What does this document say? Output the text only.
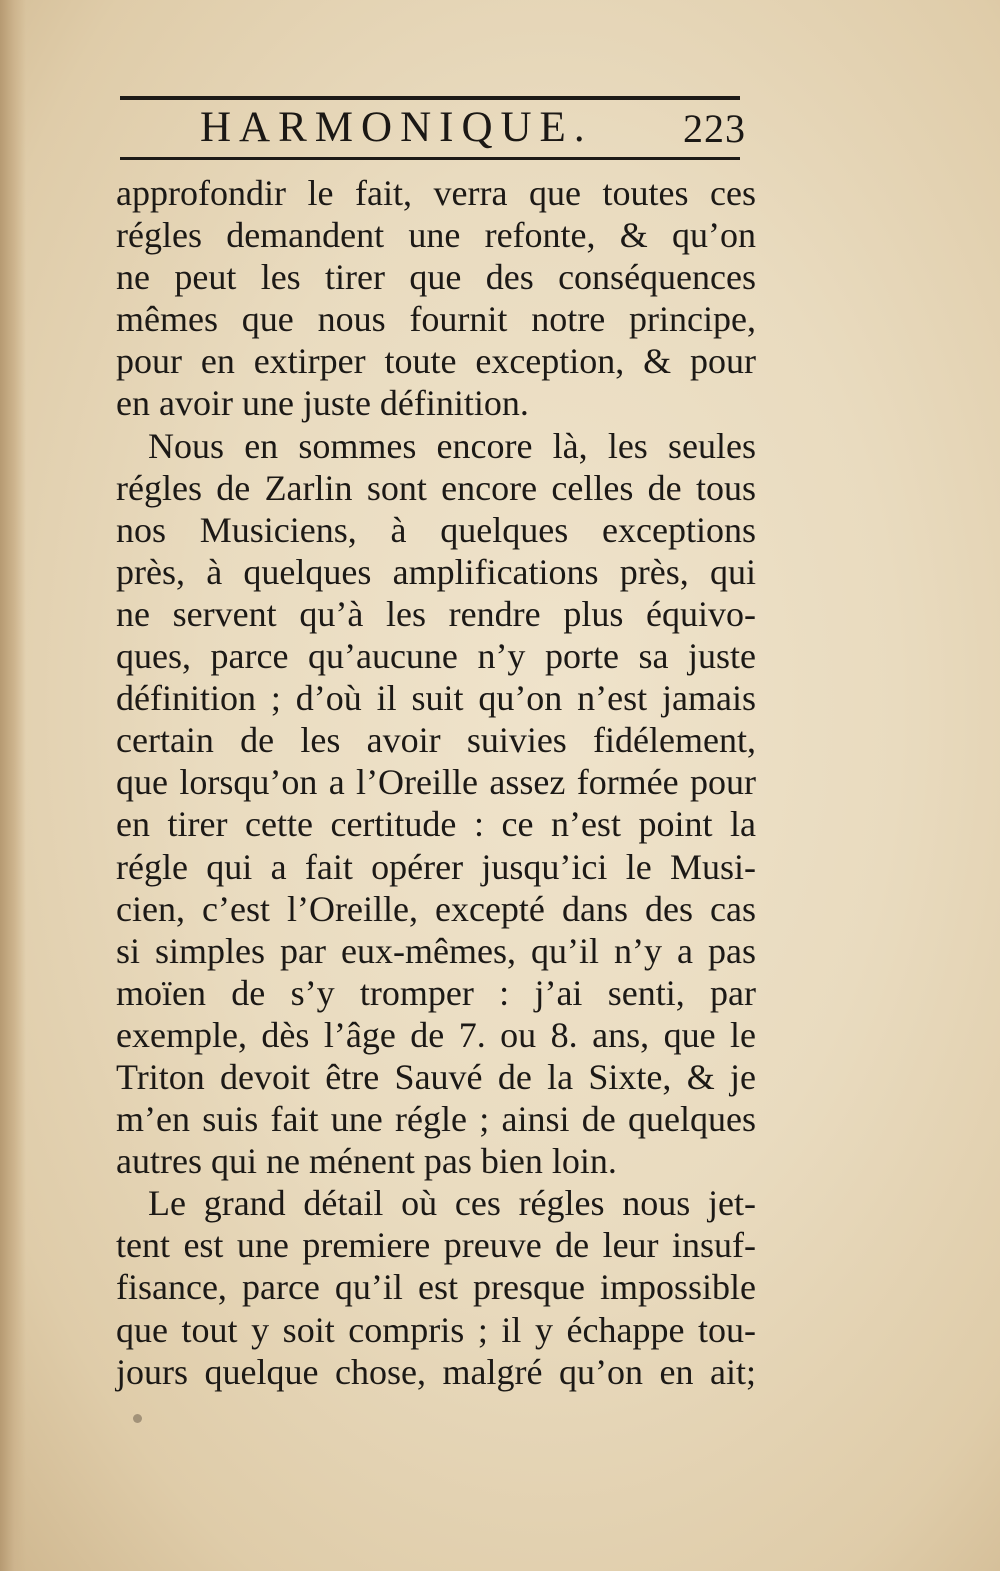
HARMONIQUE. 223
approfondir le fait, verra que toutes ces
régles demandent une refonte, & qu’on
ne peut les tirer que des conséquences
mêmes que nous fournit notre principe,
pour en extirper toute exception, & pour
en avoir une juste définition.
Nous en sommes encore là, les seules
régles de Zarlin sont encore celles de tous
nos Musiciens, à quelques exceptions
près, à quelques amplifications près, qui
ne servent qu’à les rendre plus équivo-
ques, parce qu’aucune n’y porte sa juste
définition ; d’où il suit qu’on n’est jamais
certain de les avoir suivies fidélement,
que lorsqu’on a l’Oreille assez formée pour
en tirer cette certitude : ce n’est point la
régle qui a fait opérer jusqu’ici le Musi-
cien, c’est l’Oreille, excepté dans des cas
si simples par eux-mêmes, qu’il n’y a pas
moïen de s’y tromper : j’ai senti, par
exemple, dès l’âge de 7. ou 8. ans, que le
Triton devoit être Sauvé de la Sixte, & je
m’en suis fait une régle ; ainsi de quelques
autres qui ne ménent pas bien loin.
Le grand détail où ces régles nous jet-
tent est une premiere preuve de leur insuf-
fisance, parce qu’il est presque impossible
que tout y soit compris ; il y échappe tou-
jours quelque chose, malgré qu’on en ait;
